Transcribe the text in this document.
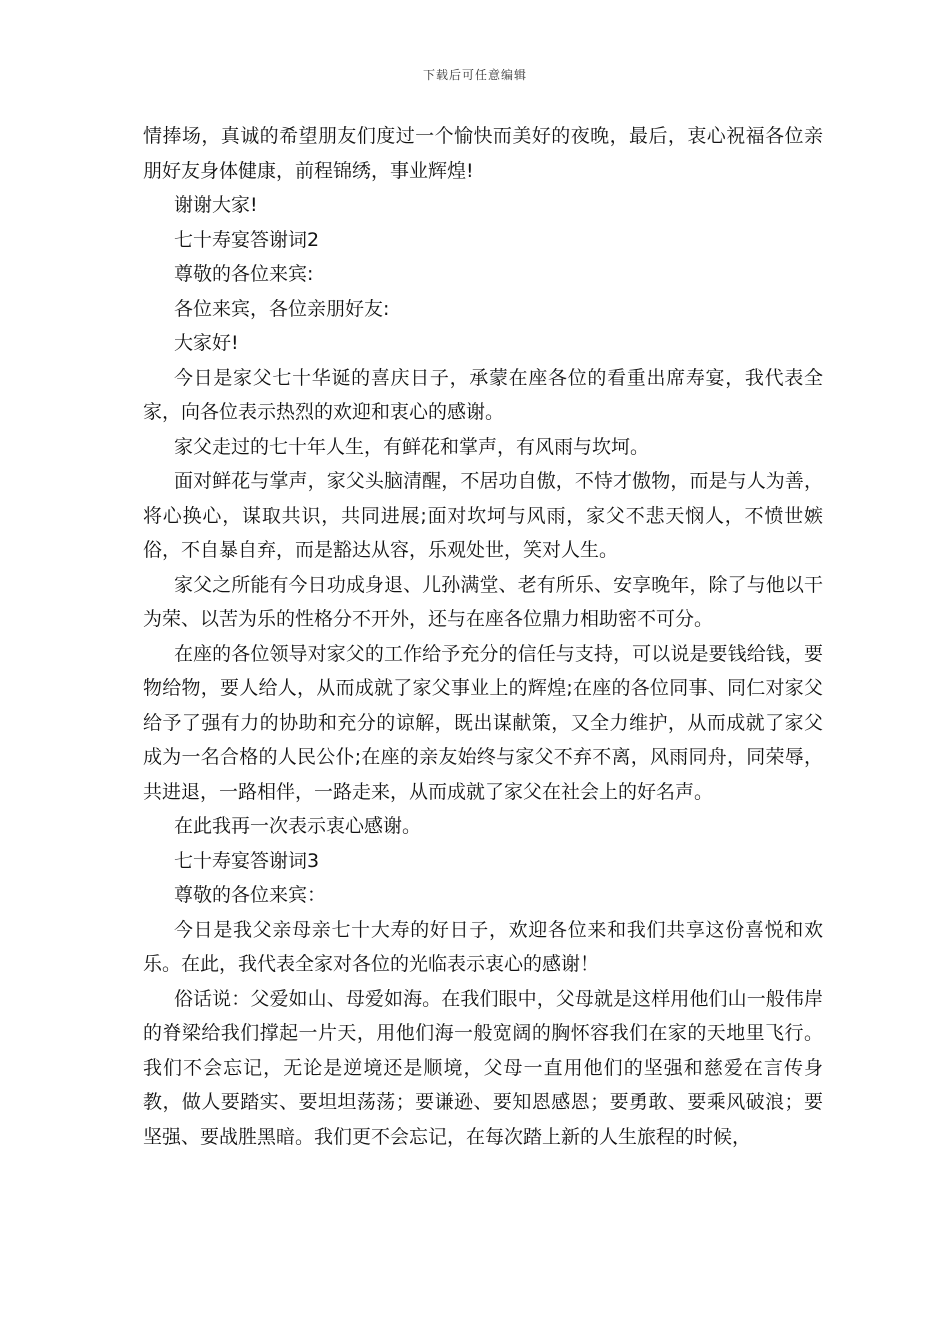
下载后可任意编辑

情捧场，真诚的希望朋友们度过一个愉快而美好的夜晚，最后，衷心祝福各位亲朋好友身体健康，前程锦绣，事业辉煌!

谢谢大家!

七十寿宴答谢词2

尊敬的各位来宾:

各位来宾，各位亲朋好友:

大家好!

今日是家父七十华诞的喜庆日子，承蒙在座各位的看重出席寿宴，我代表全家，向各位表示热烈的欢迎和衷心的感谢。

家父走过的七十年人生，有鲜花和掌声，有风雨与坎坷。

面对鲜花与掌声，家父头脑清醒，不居功自傲，不恃才傲物，而是与人为善，将心换心，谋取共识，共同进展;面对坎坷与风雨，家父不悲天悯人，不愤世嫉俗，不自暴自弃，而是豁达从容，乐观处世，笑对人生。

家父之所能有今日功成身退、儿孙满堂、老有所乐、安享晚年，除了与他以干为荣、以苦为乐的性格分不开外，还与在座各位鼎力相助密不可分。

在座的各位领导对家父的工作给予充分的信任与支持，可以说是要钱给钱，要物给物，要人给人，从而成就了家父事业上的辉煌;在座的各位同事、同仁对家父给予了强有力的协助和充分的谅解，既出谋献策，又全力维护，从而成就了家父成为一名合格的人民公仆;在座的亲友始终与家父不弃不离，风雨同舟，同荣辱，共进退，一路相伴，一路走来，从而成就了家父在社会上的好名声。

在此我再一次表示衷心感谢。

七十寿宴答谢词3

尊敬的各位来宾：

今日是我父亲母亲七十大寿的好日子，欢迎各位来和我们共享这份喜悦和欢乐。在此，我代表全家对各位的光临表示衷心的感谢！

俗话说：父爱如山、母爱如海。在我们眼中，父母就是这样用他们山一般伟岸的脊梁给我们撑起一片天，用他们海一般宽阔的胸怀容我们在家的天地里飞行。我们不会忘记，无论是逆境还是顺境，父母一直用他们的坚强和慈爱在言传身教，做人要踏实、要坦坦荡荡；要谦逊、要知恩感恩；要勇敢、要乘风破浪；要坚强、要战胜黑暗。我们更不会忘记，在每次踏上新的人生旅程的时候，
